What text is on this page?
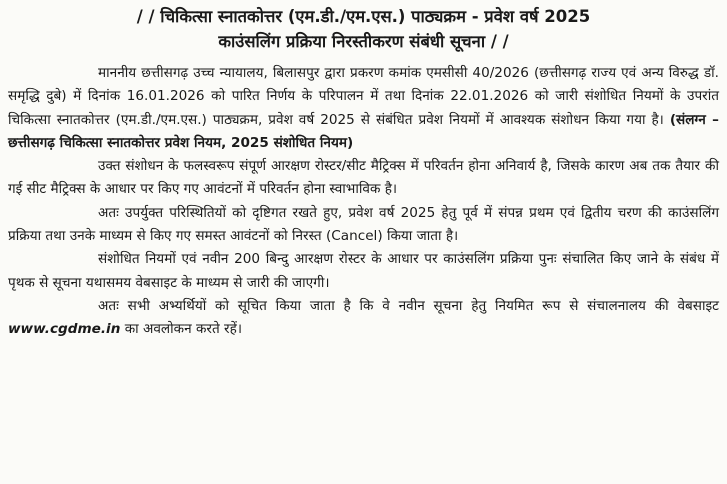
/ / चिकित्सा स्नातकोत्तर (एम.डी./एम.एस.) पाठ्यक्रम - प्रवेश वर्ष 2025
काउंसलिंग प्रक्रिया निरस्तीकरण संबंधी सूचना / /

माननीय छत्तीसगढ़ उच्च न्यायालय, बिलासपुर द्वारा प्रकरण कमांक एमसीसी 40/2026 (छत्तीसगढ़ राज्य एवं अन्य विरुद्ध डॉ. समृद्धि दुबे) में दिनांक 16.01.2026 को पारित निर्णय के परिपालन में तथा दिनांक 22.01.2026 को जारी संशोधित नियमों के उपरांत चिकित्सा स्नातकोत्तर (एम.डी./एम.एस.) पाठ्यक्रम, प्रवेश वर्ष 2025 से संबंधित प्रवेश नियमों में आवश्यक संशोधन किया गया है। (संलग्न – छत्तीसगढ़ चिकित्सा स्नातकोत्तर प्रवेश नियम, 2025 संशोधित नियम)

उक्त संशोधन के फलस्वरूप संपूर्ण आरक्षण रोस्टर/सीट मैट्रिक्स में परिवर्तन होना अनिवार्य है, जिसके कारण अब तक तैयार की गई सीट मैट्रिक्स के आधार पर किए गए आवंटनों में परिवर्तन होना स्वाभाविक है।

अतः उपर्युक्त परिस्थितियों को दृष्टिगत रखते हुए, प्रवेश वर्ष 2025 हेतु पूर्व में संपन्न प्रथम एवं द्वितीय चरण की काउंसलिंग प्रक्रिया तथा उनके माध्यम से किए गए समस्त आवंटनों को निरस्त (Cancel) किया जाता है।

संशोधित नियमों एवं नवीन 200 बिन्दु आरक्षण रोस्टर के आधार पर काउंसलिंग प्रक्रिया पुनः संचालित किए जाने के संबंध में पृथक से सूचना यथासमय वेबसाइट के माध्यम से जारी की जाएगी।

अतः सभी अभ्यर्थियों को सूचित किया जाता है कि वे नवीन सूचना हेतु नियमित रूप से संचालनालय की वेबसाइट www.cgdme.in का अवलोकन करते रहें।
